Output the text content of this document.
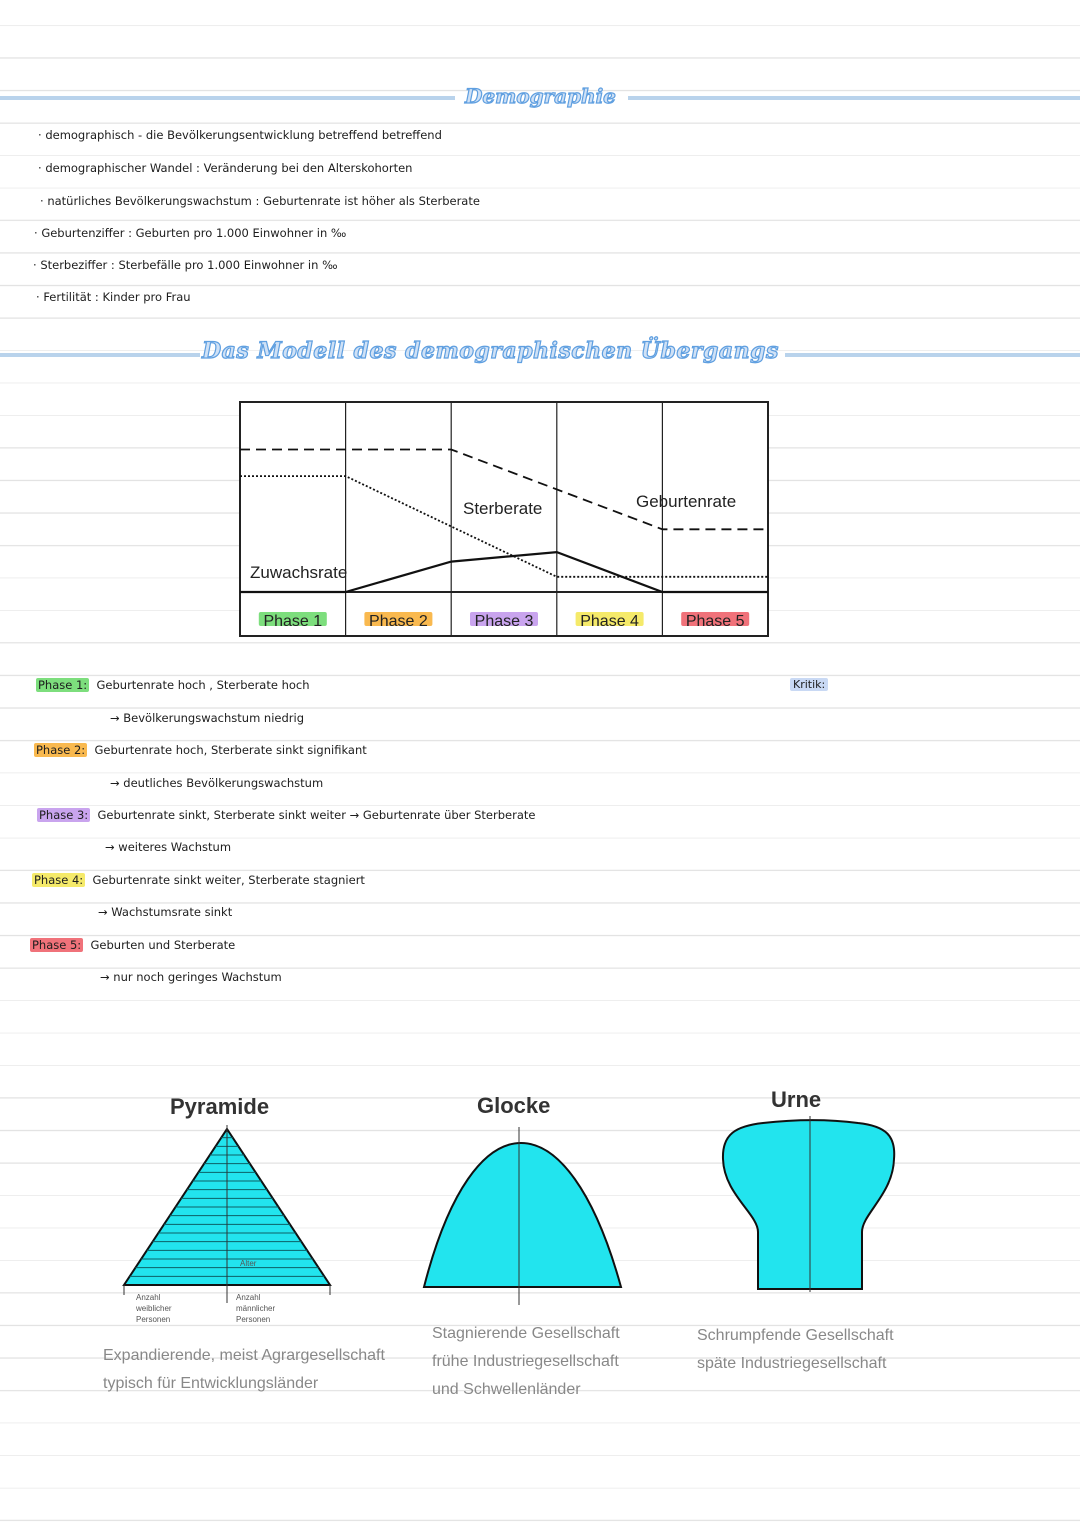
Demographie
· demographisch - die Bevölkerungsentwicklung betreffend betreffend
· demographischer Wandel : Veränderung bei den Alterskohorten
· natürliches Bevölkerungswachstum : Geburtenrate ist höher als Sterberate
· Geburtenziffer : Geburten pro 1.000 Einwohner in ‰
· Sterbeziffer : Sterbefälle pro 1.000 Einwohner in ‰
· Fertilität : Kinder pro Frau
Das Modell des demographischen Übergangs
Sterberate	Geburtenrate
Zuwachsrate
Phase 1	Phase 2	Phase 3	Phase 4	Phase 5
Phase 1: Geburtenrate hoch , Sterberate hoch
→ Bevölkerungswachstum niedrig
Phase 2: Geburtenrate hoch, Sterberate sinkt signifikant
→ deutliches Bevölkerungswachstum
Phase 3: Geburtenrate sinkt, Sterberate sinkt weiter → Geburtenrate über Sterberate
→ weiteres Wachstum
Phase 4: Geburtenrate sinkt weiter, Sterberate stagniert
→ Wachstumsrate sinkt
Phase 5: Geburten und Sterberate
→ nur noch geringes Wachstum
Kritik:
Pyramide	Glocke	Urne
Alter
Anzahl
weiblicher
Personen
Anzahl
männlicher
Personen
Expandierende, meist Agrargesellschaft
typisch für Entwicklungsländer
Stagnierende Gesellschaft
frühe Industriegesellschaft
und Schwellenländer
Schrumpfende Gesellschaft
späte Industriegesellschaft
